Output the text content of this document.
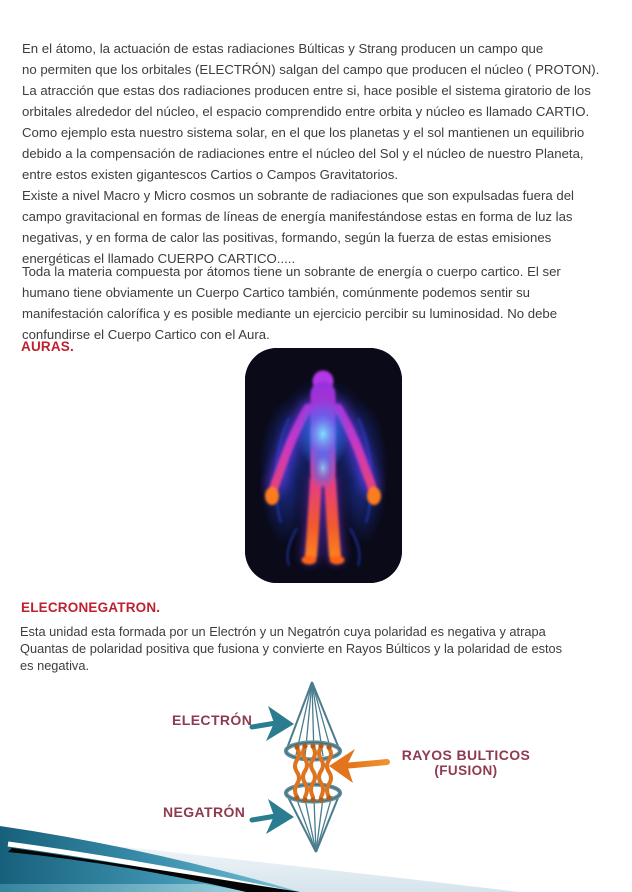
En el átomo, la actuación de estas radiaciones Búlticas y Strang producen un campo que
no permiten que los orbitales (ELECTRÓN) salgan del campo que producen el núcleo ( PROTON).
La atracción que estas dos radiaciones producen entre si, hace posible el sistema giratorio de los
orbitales alrededor del núcleo, el espacio comprendido entre orbita y núcleo es llamado CARTIO.
Como ejemplo esta nuestro sistema solar, en el que los planetas y el sol mantienen un equilibrio
debido a la compensación de radiaciones entre el núcleo del Sol y el núcleo de nuestro Planeta,
entre estos existen gigantescos Cartios o Campos Gravitatorios.
Existe a nivel Macro y Micro cosmos un sobrante de radiaciones que son expulsadas fuera del
campo gravitacional en formas de líneas de energía manifestándose estas en forma de luz las
negativas, y en forma de calor las positivas, formando, según la fuerza de estas emisiones
energéticas el llamado CUERPO CARTICO.....
Toda la materia compuesta por átomos tiene un sobrante de energía o cuerpo cartico. El ser
humano tiene obviamente un Cuerpo Cartico también, comúnmente podemos sentir su
manifestación calorífica y es posible mediante un ejercicio percibir su luminosidad. No debe
confundirse el Cuerpo Cartico con el Aura.
AURAS.
ELECRONEGATRON.
Esta unidad esta formada por un Electrón y un Negatrón cuya polaridad es negativa y atrapa
Quantas de polaridad positiva que fusiona y convierte en Rayos Búlticos y la polaridad de estos
es negativa.
ELECTRÓN
NEGATRÓN
RAYOS BULTICOS
(FUSION)
